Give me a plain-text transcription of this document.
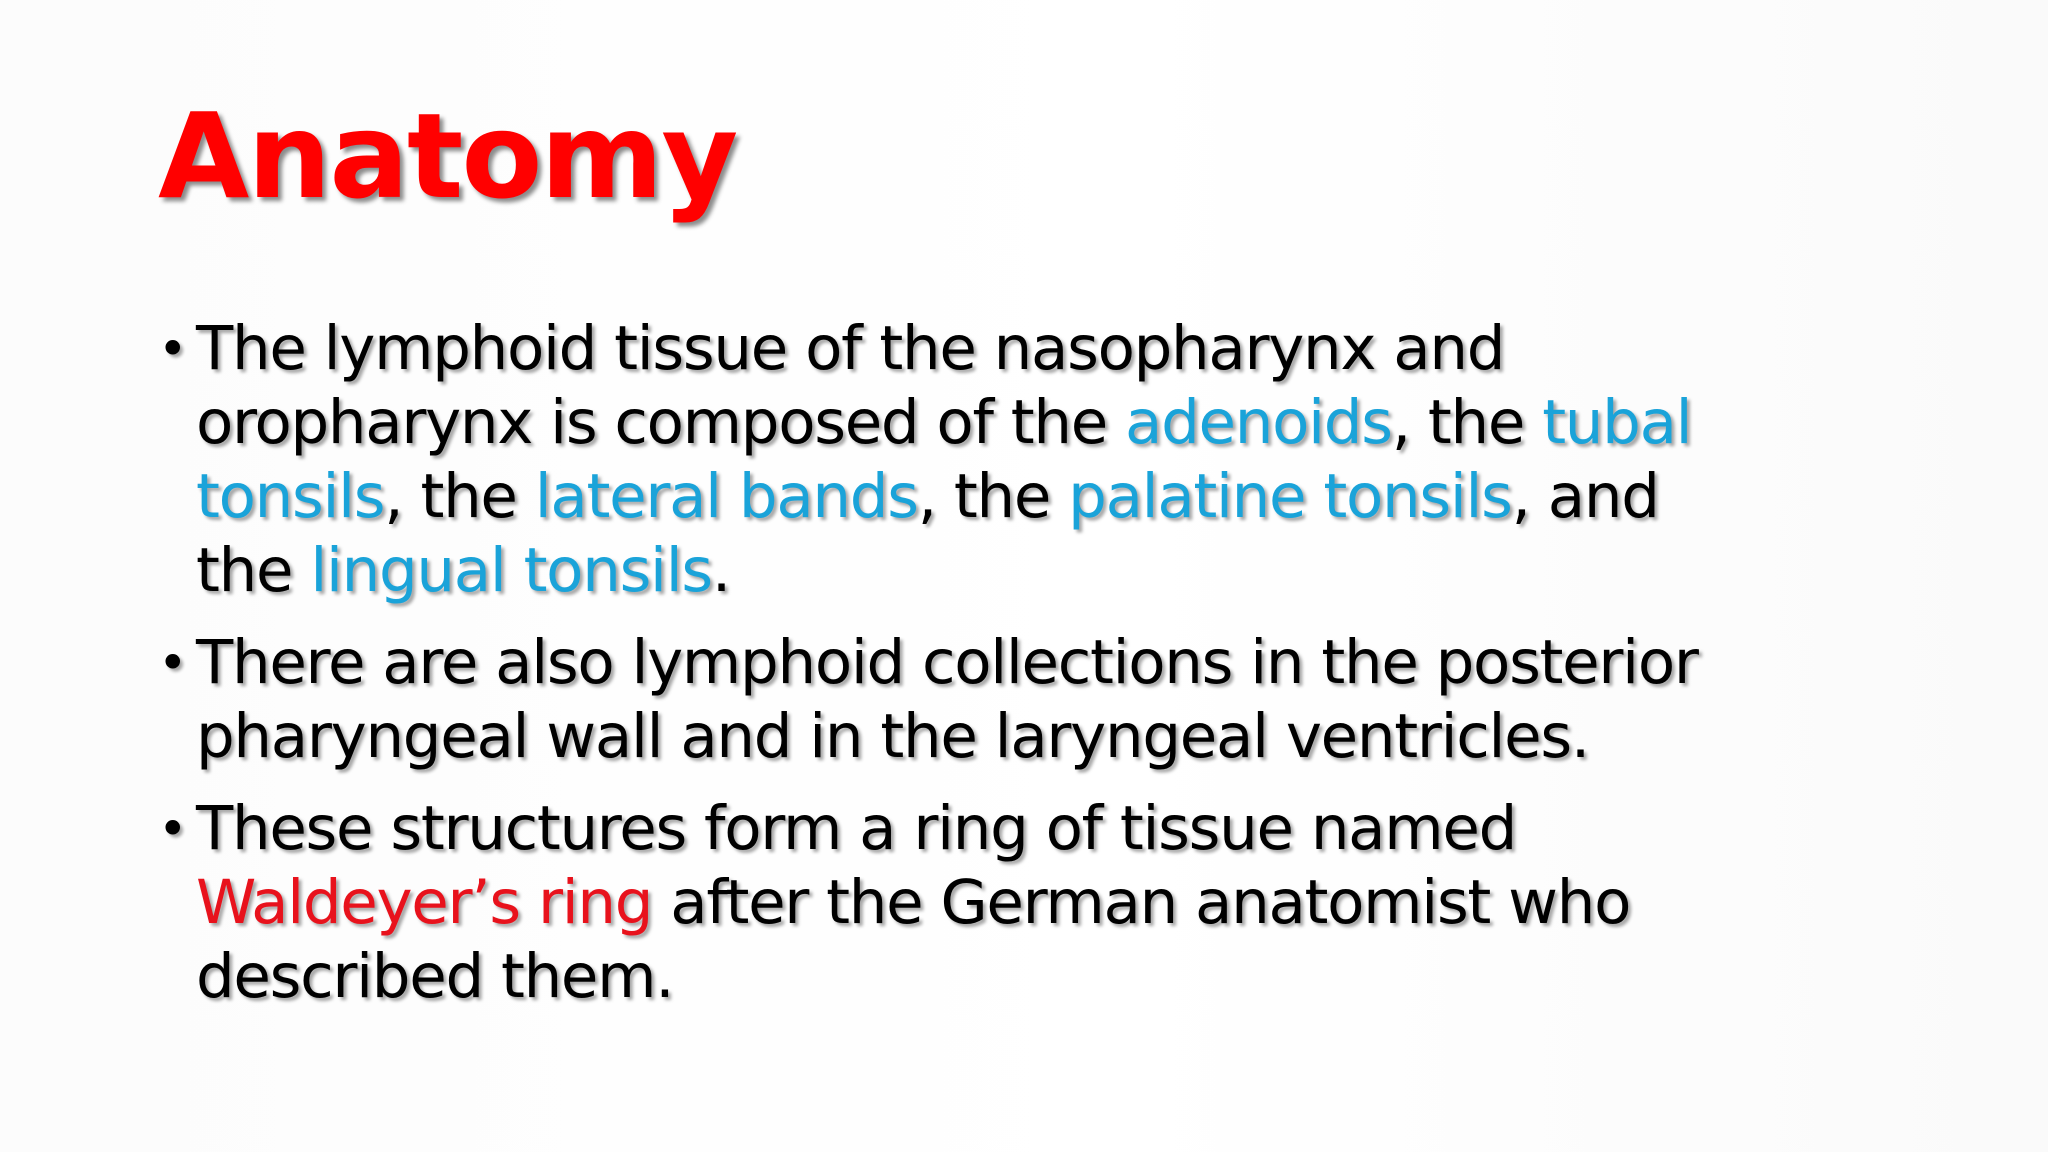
Anatomy
• The lymphoid tissue of the nasopharynx and
oropharynx is composed of the adenoids, the tubal
tonsils, the lateral bands, the palatine tonsils, and
the lingual tonsils.
• There are also lymphoid collections in the posterior
pharyngeal wall and in the laryngeal ventricles.
• These structures form a ring of tissue named
Waldeyer’s ring after the German anatomist who
described them.
